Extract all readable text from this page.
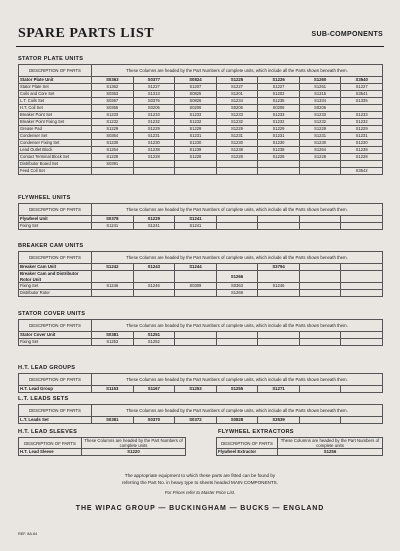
SPARE PARTS LIST	SUB-COMPONENTS
STATOR PLATE UNITS
DESCRIPTION OF PARTS	These Columns are headed by the Part Numbers of complete units, which include all the Parts shown beneath them.						
Stator Plate Unit	S0363	S0377	S0824	S1225	S1226	S1260	S3540
Stator Plate Set	S1362	S1227	S1207	S1227	S1227	S1261	S1227
Coils and Core Set	S0363	S1313	S0825	S1201	S1202	S1315	S3541
L.T. Coils Set	S0367	S0376	S0826	S1234	S1235	S1334	S1335
H.T. Coil Set	S0365	S0206	S0206	S0206	S0206	S0206	
Breaker Point Set	S1233	S1233	S1233	S1233	S1233	S1233	S1233
Breaker Point Fixing Set	S1232	S1232	S1232	S1232	S1232	S1232	S1232
Grease Pad	S1229	S1229	S1229	S1229	S1229	S1229	S1229
Condenser Set	S0364	S1231	S1231	S1231	S1231	S1231	S1231
Condenser Fixing Set	S1230	S1230	S1230	S1230	S1230	S1230	S1230
Lead Outlet Block	S1264	S1238	S1239	S1238	S1238	S1264	S1238
Contact Terminal Block Set	S1228	S1228	S1228	S1228	S1228	S1228	S1228
Distributor Board Set	S0391						
Feed Coil Set							S3542
FLYWHEEL UNITS
DESCRIPTION OF PARTS	These Columns are headed by the Part Numbers of complete units, which include all the Parts shown beneath them.						
Flywheel Unit	S0378	S1229	S1241				
Fixing Set	S1241	S1241	S1241				
BREAKER CAM UNITS
DESCRIPTION OF PARTS	These Columns are headed by the Part Numbers of complete units, which include all the Parts shown beneath them.						
Breaker Cam Unit	S1242	S1243	S1244		S3794		
Breaker Cam and Distributor Rotor Unit				S1266			
Fixing Set	S1246	S1246	S0309	S0363	S1246		
Distributor Rotor				S1268			
STATOR COVER UNITS
DESCRIPTION OF PARTS	These Columns are headed by the Part Numbers of complete units, which include all the Parts shown beneath them.						
Stator Cover Unit	S0381	S1251					
Fixing Set	S1253	S1252					
H.T. LEAD GROUPS
DESCRIPTION OF PARTS	These Columns are headed by the Part Numbers of complete units, which include all the Parts shown beneath them.						
H.T. Lead Group	S1153	S1167	S1253	S1255	S1271		
L.T. LEADS SETS
DESCRIPTION OF PARTS	These Columns are headed by the Part Numbers of complete units, which include all the Parts shown beneath them.						
L.T. Leads Set	S0381	S0370	S0372	S0828	S3539		
H.T. LEAD SLEEVES
DESCRIPTION OF PARTS	These Columns are headed by the Part Numbers of complete units
H.T. Lead Sleeve	S1220
FLYWHEEL EXTRACTORS
DESCRIPTION OF PARTS	These Columns are headed by the Part Numbers of complete units
Flywheel Extractor	S1256
The appropriate equipment to which these parts are fitted can be found by
referring the Part No. in heavy type to sheets headed MAIN COMPONENTS.
For Prices refer to Master Price List.
THE WIPAC GROUP — BUCKINGHAM — BUCKS — ENGLAND
REF. 8A.64
